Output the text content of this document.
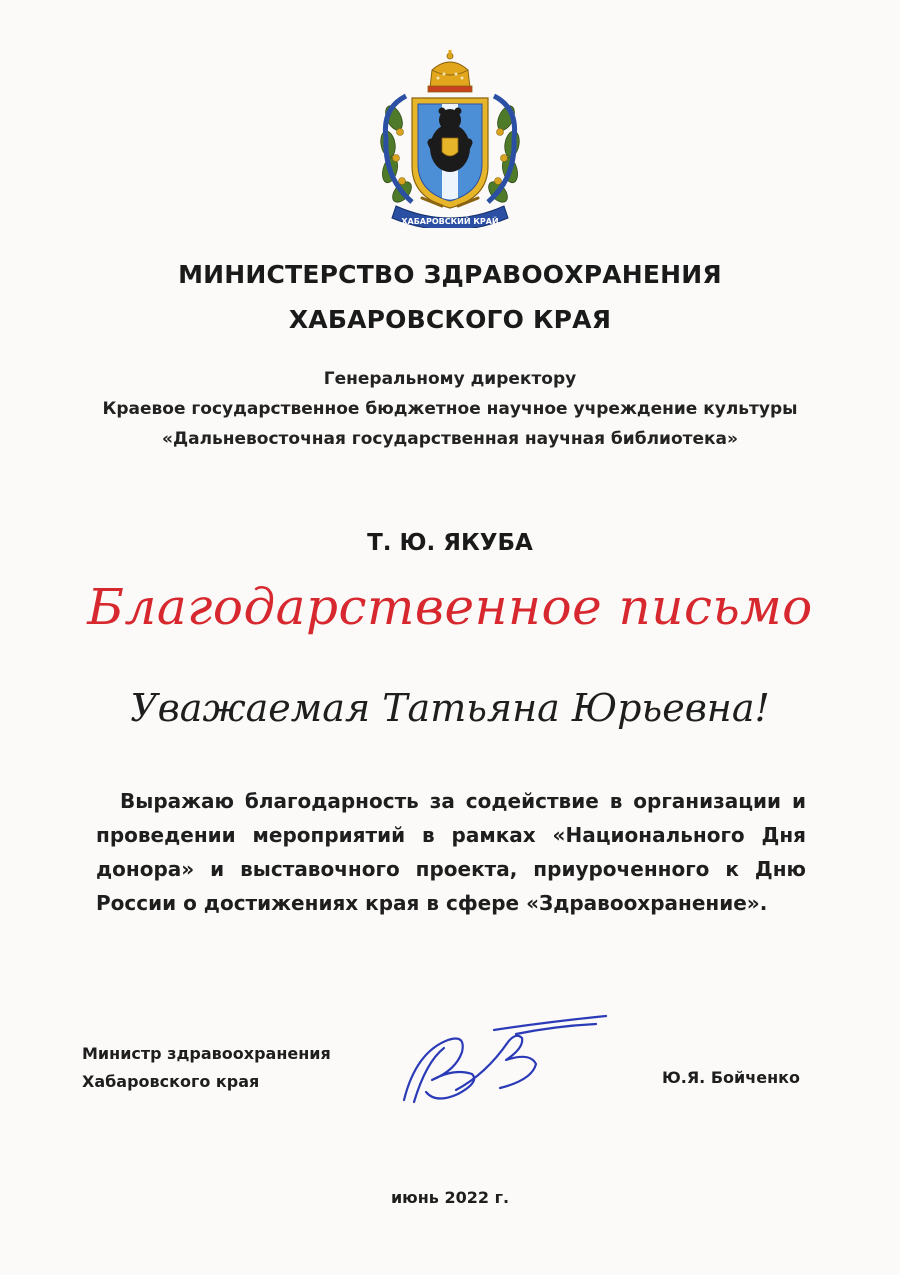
ХАБАРОВСКИЙ КРАЙ
МИНИСТЕРСТВО ЗДРАВООХРАНЕНИЯ
ХАБАРОВСКОГО КРАЯ
Генеральному директору
Краевое государственное бюджетное научное учреждение культуры
«Дальневосточная государственная научная библиотека»
Т. Ю. ЯКУБА
Благодарственное письмо
Уважаемая Татьяна Юрьевна!
Выражаю благодарность за содействие в организации и проведении мероприятий в рамках «Национального Дня донора» и выставочного проекта, приуроченного к Дню России о достижениях края в сфере «Здравоохранение».
Министр здравоохранения
Хабаровского края	Ю.Я. Бойченко
июнь 2022 г.
